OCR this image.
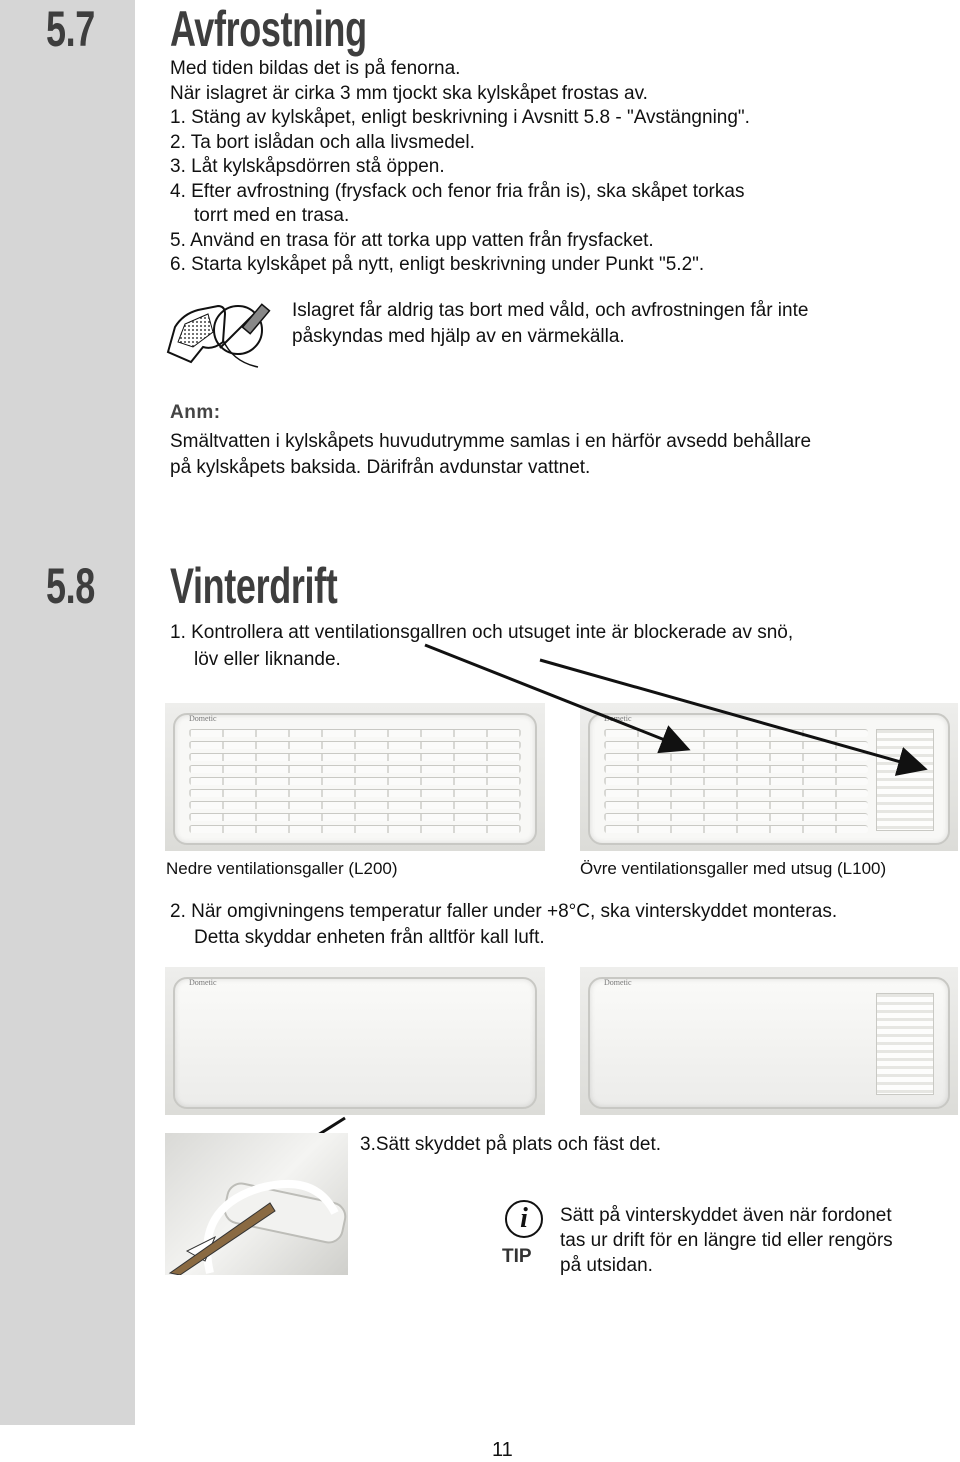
5.7 Avfrostning
Med tiden bildas det is på fenorna.
När islagret är cirka 3 mm tjockt ska kylskåpet frostas av.
1. Stäng av kylskåpet, enligt beskrivning i Avsnitt 5.8 - "Avstängning".
2. Ta bort islådan och alla livsmedel.
3. Låt kylskåpsdörren stå öppen.
4. Efter avfrostning (frysfack och fenor fria från is), ska skåpet torkas
torrt med en trasa.
5. Använd en trasa för att torka upp vatten från frysfacket.
6. Starta kylskåpet på nytt, enligt beskrivning under Punkt "5.2".
Islagret får aldrig tas bort med våld, och avfrostningen får inte
påskyndas med hjälp av en värmekälla.
Anm:
Smältvatten i kylskåpets huvudutrymme samlas i en härför avsedd behållare
på kylskåpets baksida. Därifrån avdunstar vattnet.
5.8 Vinterdrift
1. Kontrollera att ventilationsgallren och utsuget inte är blockerade av snö,
löv eller liknande.
Dometic	Dometic
Nedre ventilationsgaller (L200)	Övre ventilationsgaller med utsug (L100)
2. När omgivningens temperatur faller under +8°C, ska vinterskyddet monteras.
Detta skyddar enheten från alltför kall luft.
Dometic	Dometic
3.Sätt skyddet på plats och fäst det.
i
TIP
Sätt på vinterskyddet även när fordonet
tas ur drift för en längre tid eller rengörs
på utsidan.
11
